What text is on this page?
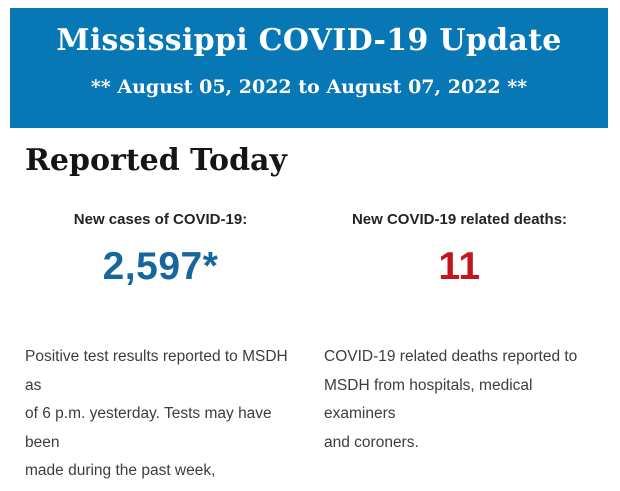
Mississippi COVID-19 Update
** August 05, 2022 to August 07, 2022 **
Reported Today
New cases of COVID-19:
2,597*
Positive test results reported to MSDH as
of 6 p.m. yesterday. Tests may have been
made during the past week,
New COVID-19 related deaths:
11
COVID-19 related deaths reported to
MSDH from hospitals, medical examiners
and coroners.
